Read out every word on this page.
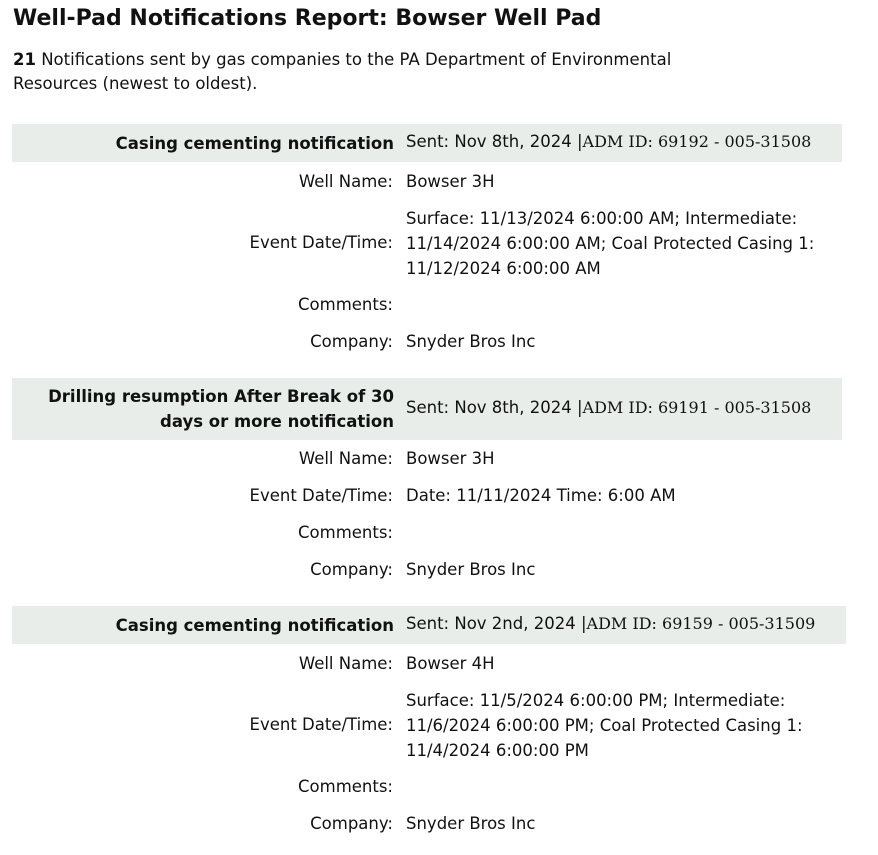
Well-Pad Notifications Report: Bowser Well Pad

21 Notifications sent by gas companies to the PA Department of Environmental Resources (newest to oldest).

Casing cementing notification Sent: Nov 8th, 2024 |ADM ID: 69192 - 005-31508
Well Name: Bowser 3H
Event Date/Time:
Surface: 11/13/2024 6:00:00 AM; Intermediate: 11/14/2024 6:00:00 AM; Coal Protected Casing 1: 11/12/2024 6:00:00 AM
Comments:
Company: Snyder Bros Inc
Drilling resumption After Break of 30 days or more notification
Sent: Nov 8th, 2024 |ADM ID: 69191 - 005-31508
Well Name: Bowser 3H
Event Date/Time: Date: 11/11/2024 Time: 6:00 AM
Comments:
Company: Snyder Bros Inc
Casing cementing notification Sent: Nov 2nd, 2024 |ADM ID: 69159 - 005-31509
Well Name: Bowser 4H
Event Date/Time:
Surface: 11/5/2024 6:00:00 PM; Intermediate: 11/6/2024 6:00:00 PM; Coal Protected Casing 1: 11/4/2024 6:00:00 PM
Comments:
Company: Snyder Bros Inc
